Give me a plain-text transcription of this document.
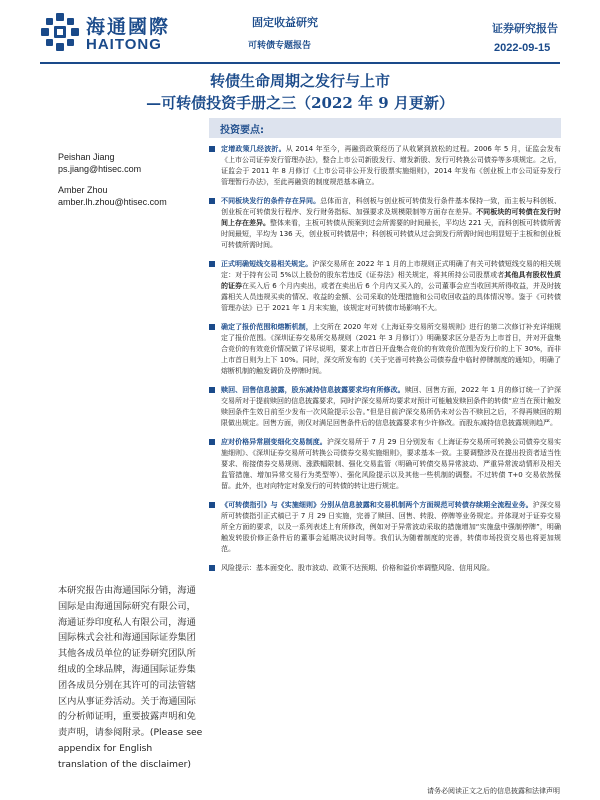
海通國際
HAITONG
固定收益研究
可转债专题报告
证券研究报告
2022-09-15
转债生命周期之发行与上市
—可转债投资手册之三（2022 年 9 月更新）
投资要点:
Peishan Jiang
ps.jiang@htisec.com
Amber Zhou
amber.lh.zhou@htisec.com
定增政策几经波折。从 2014 年至今，再融资政策经历了从收紧到放松的过程。2006 年 5 月，证监会发布《上市公司证券发行管理办法》，整合上市公司新股发行、增发新股、发行可转换公司债券等多项规定。之后，证监会于 2011 年 8 月修订《上市公司非公开发行股票实施细则》，2014 年发布《创业板上市公司证券发行管理暂行办法》，至此再融资的制度规范基本确立。
不同板块发行的条件存在异同。总体而言，科创板与创业板可转债发行条件基本保持一致，而主板与科创板、创业板在可转债发行程序、发行财务指标、加强要求及规模限制等方面存在差异。不同板块的可转债在发行时间上存在差异。整体来看，主板可转债从预案到过会所需要的时间最长，平均达 221 天，而科创板可转债所需时间最短，平均为 136 天，创业板可转债居中；科创板可转债从过会到发行所需时间也明显短于主板和创业板可转债所需时间。
正式明确短线交易相关规定。沪深交易所在 2022 年 1 月的上市规则正式明确了有关可转债短线交易的相关规定：对于持有公司 5%以上股份的股东若违反《证券法》相关规定，将其所持公司股票或者其他具有股权性质的证券在买入后 6 个月内卖出，或者在卖出后 6 个月内又买入的，公司董事会应当收回其所得收益，并及时披露相关人员违规买卖的情况、收益的金额、公司采取的处理措施和公司收回收益的具体情况等。鉴于《可转债管理办法》已于 2021 年 1 月末实施，该规定对可转债市场影响不大。
确定了报价范围和熔断机制，上交所在 2020 年对《上海证券交易所交易规则》进行的第二次修订补充详细规定了报价范围。《深圳证券交易所交易规则（2021 年 3 月修订）》明确要求区分是否为上市首日，并对开盘集合竞价的有效竞价情况做了详尽说明，要求上市首日开盘集合竞价的有效竞价范围为发行价的上下 30%，而非上市首日则为上下 10%。同时，深交所发布的《关于完善可转换公司债券盘中临时停牌制度的通知》，明确了熔断机制的触发调价及停牌时间。
赎回、回售信息披露，股东减持信息披露要求均有所修改。赎回、回售方面，2022 年 1 月的修订统一了沪深交易所对于提前赎回的信息披露要求，同时沪深交易所均要求对预计可能触发赎回条件的转债“应当在预计触发赎回条件生效日前至少发布一次风险提示公告。”但是目前沪深交易所仍未对公告不赎回之后，不得再赎回的期限做出规定。回售方面，则仅对满足回售条件后的信息披露要求有少许修改。而股东减持信息披露规则趋严。
应对价格异常剧变细化交易制度。沪深交易所于 7 月 29 日分别发布《上海证券交易所可转换公司债券交易实施细则》、《深圳证券交易所可转换公司债券交易实施细则》，要求基本一致。主要调整涉及在提出投资者适当性要求、衔接债券交易规则、涨跌幅限制、强化交易监管（明确可转债交易异常波动、严重异常波动情形及相关监管措施、增加异常交易行为类型等）、强化风险提示以及其他一些机制的调整。不过转债 T+0 交易依然保留。此外，也对向特定对象发行的可转债的转让进行规定。
《可转债指引》与《实施细则》分别从信息披露和交易机制两个方面规范可转债存续期全流程业务。沪深交易所可转债指引正式稿已于 7 月 29 日实施，完善了赎回、回售、转股、停牌等业务规定。并体现对于证券交易所全方面的要求，以及一系列表述上有所修改，例如对于异常波动采取的措施增加“实施盘中强制停牌”，明确触发转股价修正条件后的董事会延期决议时间等。我们认为随着制度的完善，转债市场投资交易也将更加规范。
风险提示：基本面变化、股市波动、政策不达预期、价格和溢价率调整风险、信用风险。
本研究报告由海通国际分销，海通国际是由海通国际研究有限公司，海通证券印度私人有限公司，海通国际株式会社和海通国际证券集团其他各成员单位的证券研究团队所组成的全球品牌，海通国际证券集团各成员分别在其许可的司法管辖区内从事证券活动。关于海通国际的分析师证明，重要披露声明和免责声明，请参阅附录。(Please see appendix for English translation of the disclaimer)
请务必阅读正文之后的信息披露和法律声明
